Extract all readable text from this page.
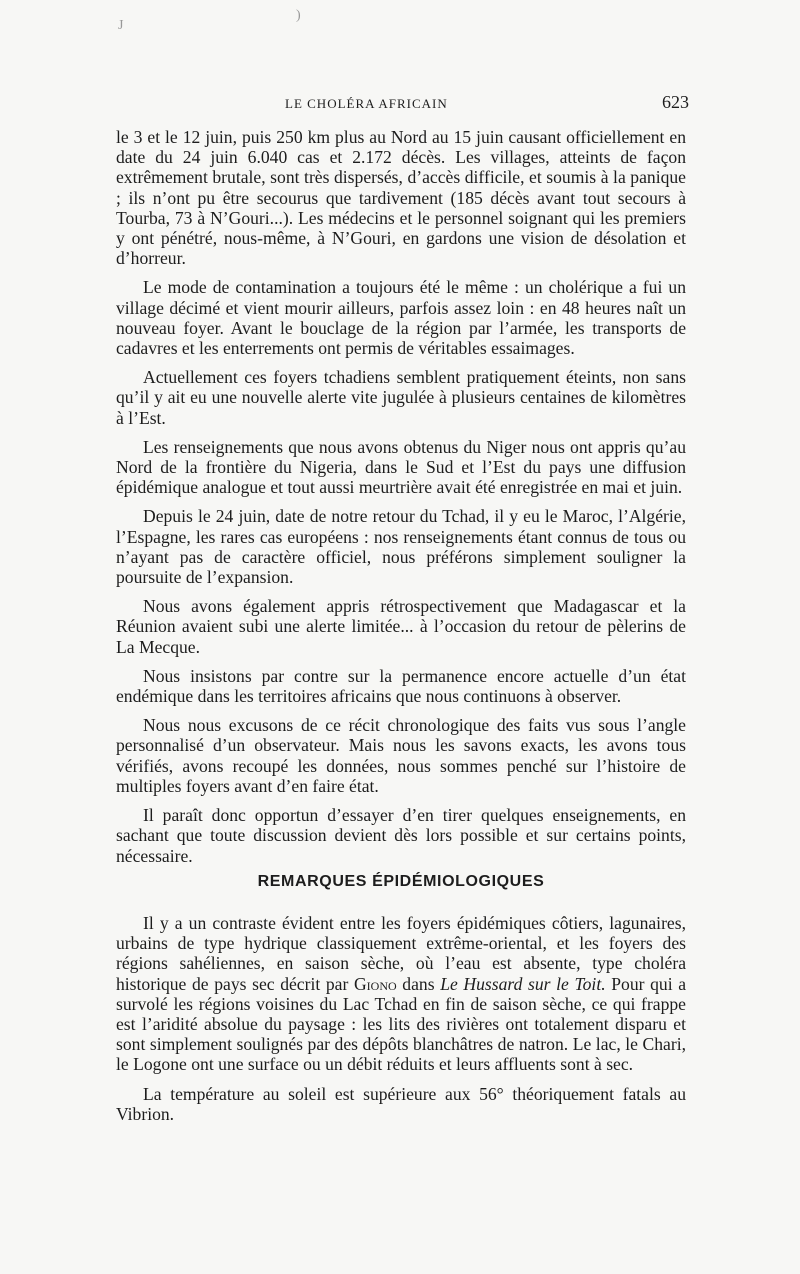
J
)
LE CHOLÉRA AFRICAIN	623

le 3 et le 12 juin, puis 250 km plus au Nord au 15 juin causant officiellement en date du 24 juin 6.040 cas et 2.172 décès. Les villages, atteints de façon extrêmement brutale, sont très dispersés, d’accès difficile, et soumis à la panique ; ils n’ont pu être secourus que tardivement (185 décès avant tout secours à Tourba, 73 à N’Gouri...). Les médecins et le personnel soignant qui les premiers y ont pénétré, nous-même, à N’Gouri, en gardons une vision de désolation et d’horreur.

Le mode de contamination a toujours été le même : un cholérique a fui un village décimé et vient mourir ailleurs, parfois assez loin : en 48 heures naît un nouveau foyer. Avant le bouclage de la région par l’armée, les transports de cadavres et les enterrements ont permis de véritables essaimages.

Actuellement ces foyers tchadiens semblent pratiquement éteints, non sans qu’il y ait eu une nouvelle alerte vite jugulée à plusieurs centaines de kilomètres à l’Est.

Les renseignements que nous avons obtenus du Niger nous ont appris qu’au Nord de la frontière du Nigeria, dans le Sud et l’Est du pays une diffusion épidémique analogue et tout aussi meurtrière avait été enregistrée en mai et juin.

Depuis le 24 juin, date de notre retour du Tchad, il y eu le Maroc, l’Algérie, l’Espagne, les rares cas européens : nos renseignements étant connus de tous ou n’ayant pas de caractère officiel, nous préférons simplement souligner la poursuite de l’expansion.

Nous avons également appris rétrospectivement que Madagascar et la Réunion avaient subi une alerte limitée... à l’occasion du retour de pèlerins de La Mecque.

Nous insistons par contre sur la permanence encore actuelle d’un état endémique dans les territoires africains que nous continuons à observer.

Nous nous excusons de ce récit chronologique des faits vus sous l’angle personnalisé d’un observateur. Mais nous les savons exacts, les avons tous vérifiés, avons recoupé les données, nous sommes penché sur l’histoire de multiples foyers avant d’en faire état.

Il paraît donc opportun d’essayer d’en tirer quelques enseignements, en sachant que toute discussion devient dès lors possible et sur certains points, nécessaire.

REMARQUES ÉPIDÉMIOLOGIQUES

Il y a un contraste évident entre les foyers épidémiques côtiers, lagunaires, urbains de type hydrique classiquement extrême-oriental, et les foyers des régions sahéliennes, en saison sèche, où l’eau est absente, type choléra historique de pays sec décrit par Giono dans Le Hussard sur le Toit. Pour qui a survolé les régions voisines du Lac Tchad en fin de saison sèche, ce qui frappe est l’aridité absolue du paysage : les lits des rivières ont totalement disparu et sont simplement soulignés par des dépôts blanchâtres de natron. Le lac, le Chari, le Logone ont une surface ou un débit réduits et leurs affluents sont à sec.

La température au soleil est supérieure aux 56° théoriquement fatals au Vibrion.
